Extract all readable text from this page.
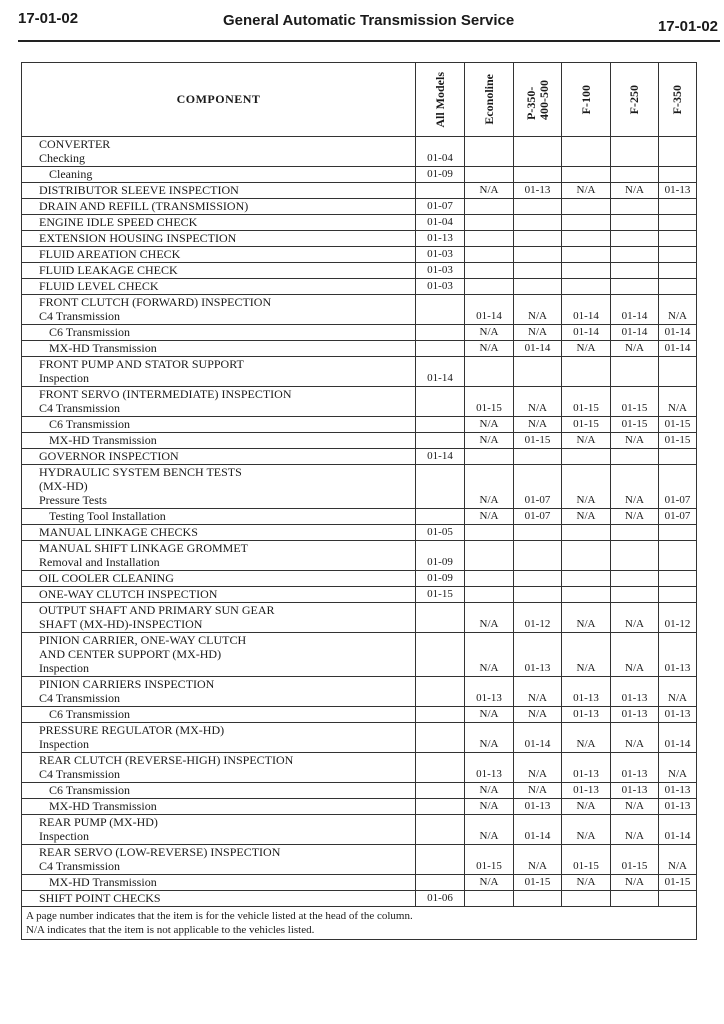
17-01-02	General Automatic Transmission Service	17-01-02
COMPONENT	All Models	Econoline	P-350-
400-500	F-100	F-250	F-350

CONVERTER
Checking	01-04					
Cleaning	01-09					
DISTRIBUTOR SLEEVE INSPECTION		N/A	01-13	N/A	N/A	01-13
DRAIN AND REFILL (TRANSMISSION)	01-07					
ENGINE IDLE SPEED CHECK	01-04					
EXTENSION HOUSING INSPECTION	01-13					
FLUID AREATION CHECK	01-03					
FLUID LEAKAGE CHECK	01-03					
FLUID LEVEL CHECK	01-03					
FRONT CLUTCH (FORWARD) INSPECTION
C4 Transmission		01-14	N/A	01-14	01-14	N/A
C6 Transmission		N/A	N/A	01-14	01-14	01-14
MX-HD Transmission		N/A	01-14	N/A	N/A	01-14
FRONT PUMP AND STATOR SUPPORT
Inspection	01-14					
FRONT SERVO (INTERMEDIATE) INSPECTION
C4 Transmission		01-15	N/A	01-15	01-15	N/A
C6 Transmission		N/A	N/A	01-15	01-15	01-15
MX-HD Transmission		N/A	01-15	N/A	N/A	01-15
GOVERNOR INSPECTION	01-14					
HYDRAULIC SYSTEM BENCH TESTS
(MX-HD)
Pressure Tests		N/A	01-07	N/A	N/A	01-07
Testing Tool Installation		N/A	01-07	N/A	N/A	01-07
MANUAL LINKAGE CHECKS	01-05					
MANUAL SHIFT LINKAGE GROMMET
Removal and Installation	01-09					
OIL COOLER CLEANING	01-09					
ONE-WAY CLUTCH INSPECTION	01-15					
OUTPUT SHAFT AND PRIMARY SUN GEAR
SHAFT (MX-HD)-INSPECTION		N/A	01-12	N/A	N/A	01-12
PINION CARRIER, ONE-WAY CLUTCH
AND CENTER SUPPORT (MX-HD)
Inspection		N/A	01-13	N/A	N/A	01-13
PINION CARRIERS INSPECTION
C4 Transmission		01-13	N/A	01-13	01-13	N/A
C6 Transmission		N/A	N/A	01-13	01-13	01-13
PRESSURE REGULATOR (MX-HD)
Inspection		N/A	01-14	N/A	N/A	01-14
REAR CLUTCH (REVERSE-HIGH) INSPECTION
C4 Transmission		01-13	N/A	01-13	01-13	N/A
C6 Transmission		N/A	N/A	01-13	01-13	01-13
MX-HD Transmission		N/A	01-13	N/A	N/A	01-13
REAR PUMP (MX-HD)
Inspection		N/A	01-14	N/A	N/A	01-14
REAR SERVO (LOW-REVERSE) INSPECTION
C4 Transmission		01-15	N/A	01-15	01-15	N/A
MX-HD Transmission		N/A	01-15	N/A	N/A	01-15
SHIFT POINT CHECKS	01-06					

A page number indicates that the item is for the vehicle listed at the head of the column.
N/A indicates that the item is not applicable to the vehicles listed.						
